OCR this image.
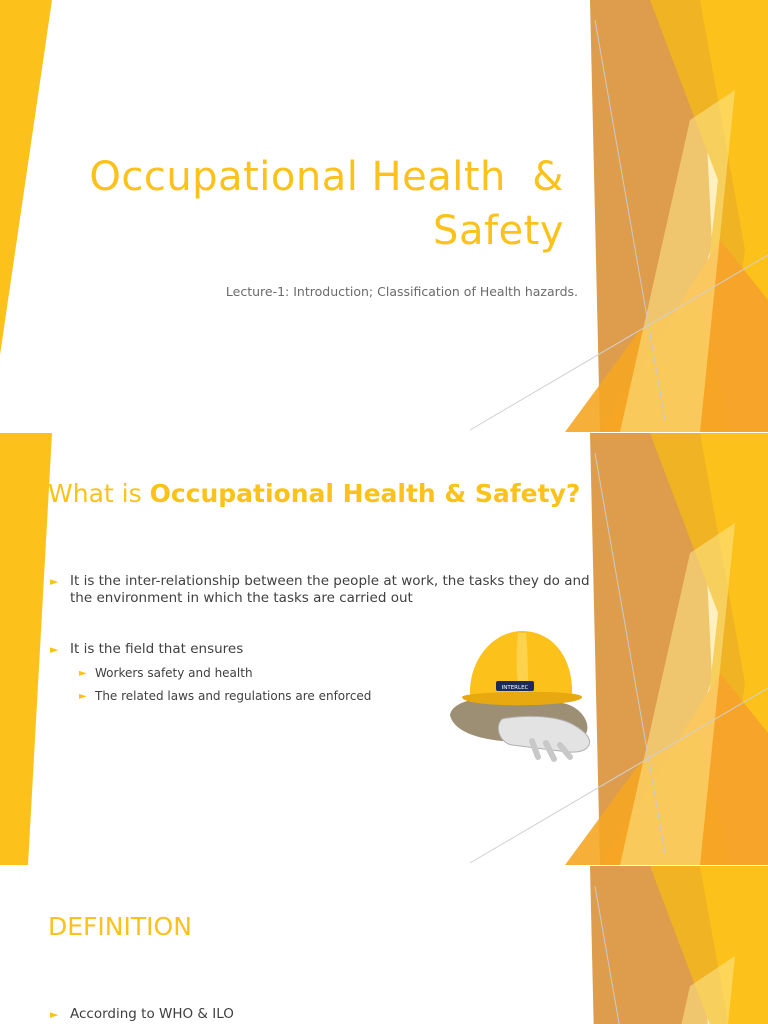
Occupational Health  &
Safety
Lecture-1: Introduction; Classification of Health hazards.
What is Occupational Health & Safety?
► It is the inter-relationship between the people at work, the tasks they do and the environment in which the tasks are carried out
► It is the field that ensures
► Workers safety and health
► The related laws and regulations are enforced
INTERLEC
DEFINITION
► According to WHO & ILO
